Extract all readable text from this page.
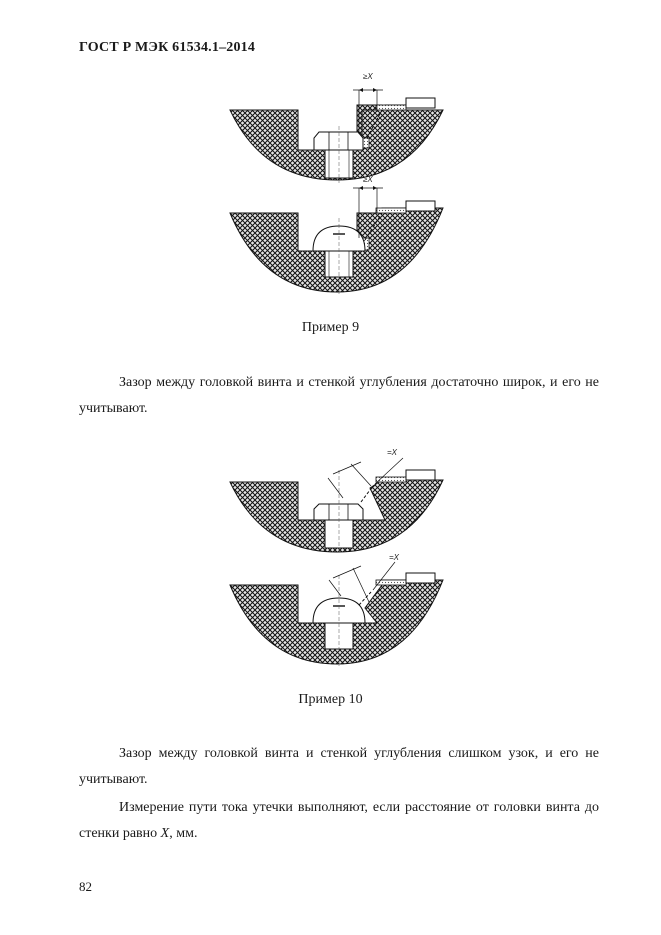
ГОСТ Р МЭК 61534.1–2014
≥X
≥X
Пример 9
Зазор между головкой винта и стенкой углубления достаточно широк, и его не учитывают.
=X
=X
Пример 10
Зазор между головкой винта и стенкой углубления слишком узок, и его не учитывают.
Измерение пути тока утечки выполняют, если расстояние от головки винта до стенки равно X, мм.
82
